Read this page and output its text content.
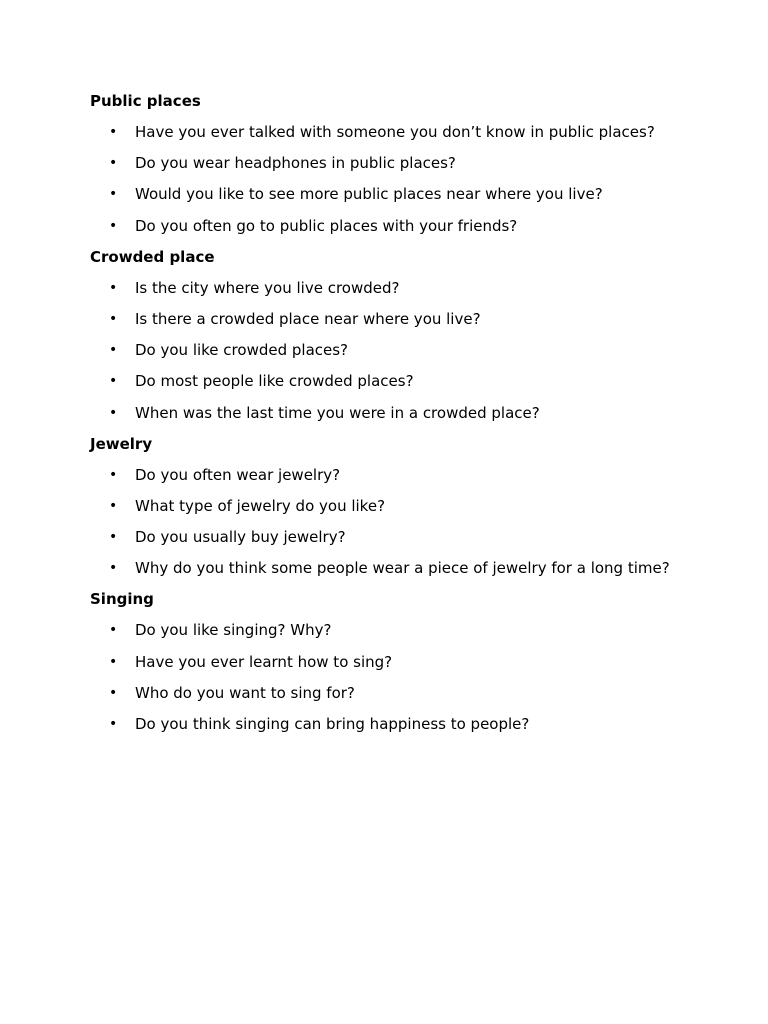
Public places
• Have you ever talked with someone you don’t know in public places?
• Do you wear headphones in public places?
• Would you like to see more public places near where you live?
• Do you often go to public places with your friends?
Crowded place
• Is the city where you live crowded?
• Is there a crowded place near where you live?
• Do you like crowded places?
• Do most people like crowded places?
• When was the last time you were in a crowded place?
Jewelry
• Do you often wear jewelry?
• What type of jewelry do you like?
• Do you usually buy jewelry?
• Why do you think some people wear a piece of jewelry for a long time?
Singing
• Do you like singing? Why?
• Have you ever learnt how to sing?
• Who do you want to sing for?
• Do you think singing can bring happiness to people?
